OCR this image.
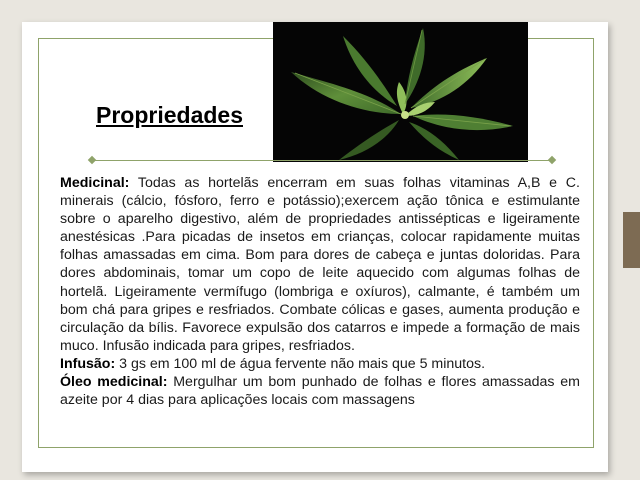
Propriedades

Medicinal: Todas as hortelãs encerram em suas folhas vitaminas A,B e C. minerais (cálcio, fósforo, ferro e potássio);exercem ação tônica e estimulante sobre o aparelho digestivo, além de propriedades antissépticas e ligeiramente anestésicas .Para picadas de insetos em crianças, colocar rapidamente muitas folhas amassadas em cima. Bom para dores de cabeça e juntas doloridas. Para dores abdominais, tomar um copo de leite aquecido com algumas folhas de hortelã. Ligeiramente vermífugo (lombriga e oxíuros), calmante, é também um bom chá para gripes e resfriados. Combate cólicas e gases, aumenta produção e circulação da bílis. Favorece expulsão dos catarros e impede a formação de mais muco. Infusão indicada para gripes, resfriados.

Infusão: 3 gs em 100 ml de água fervente não mais que 5 minutos.

Óleo medicinal: Mergulhar um bom punhado de folhas e flores amassadas em azeite por 4 dias para aplicações locais com massagens
